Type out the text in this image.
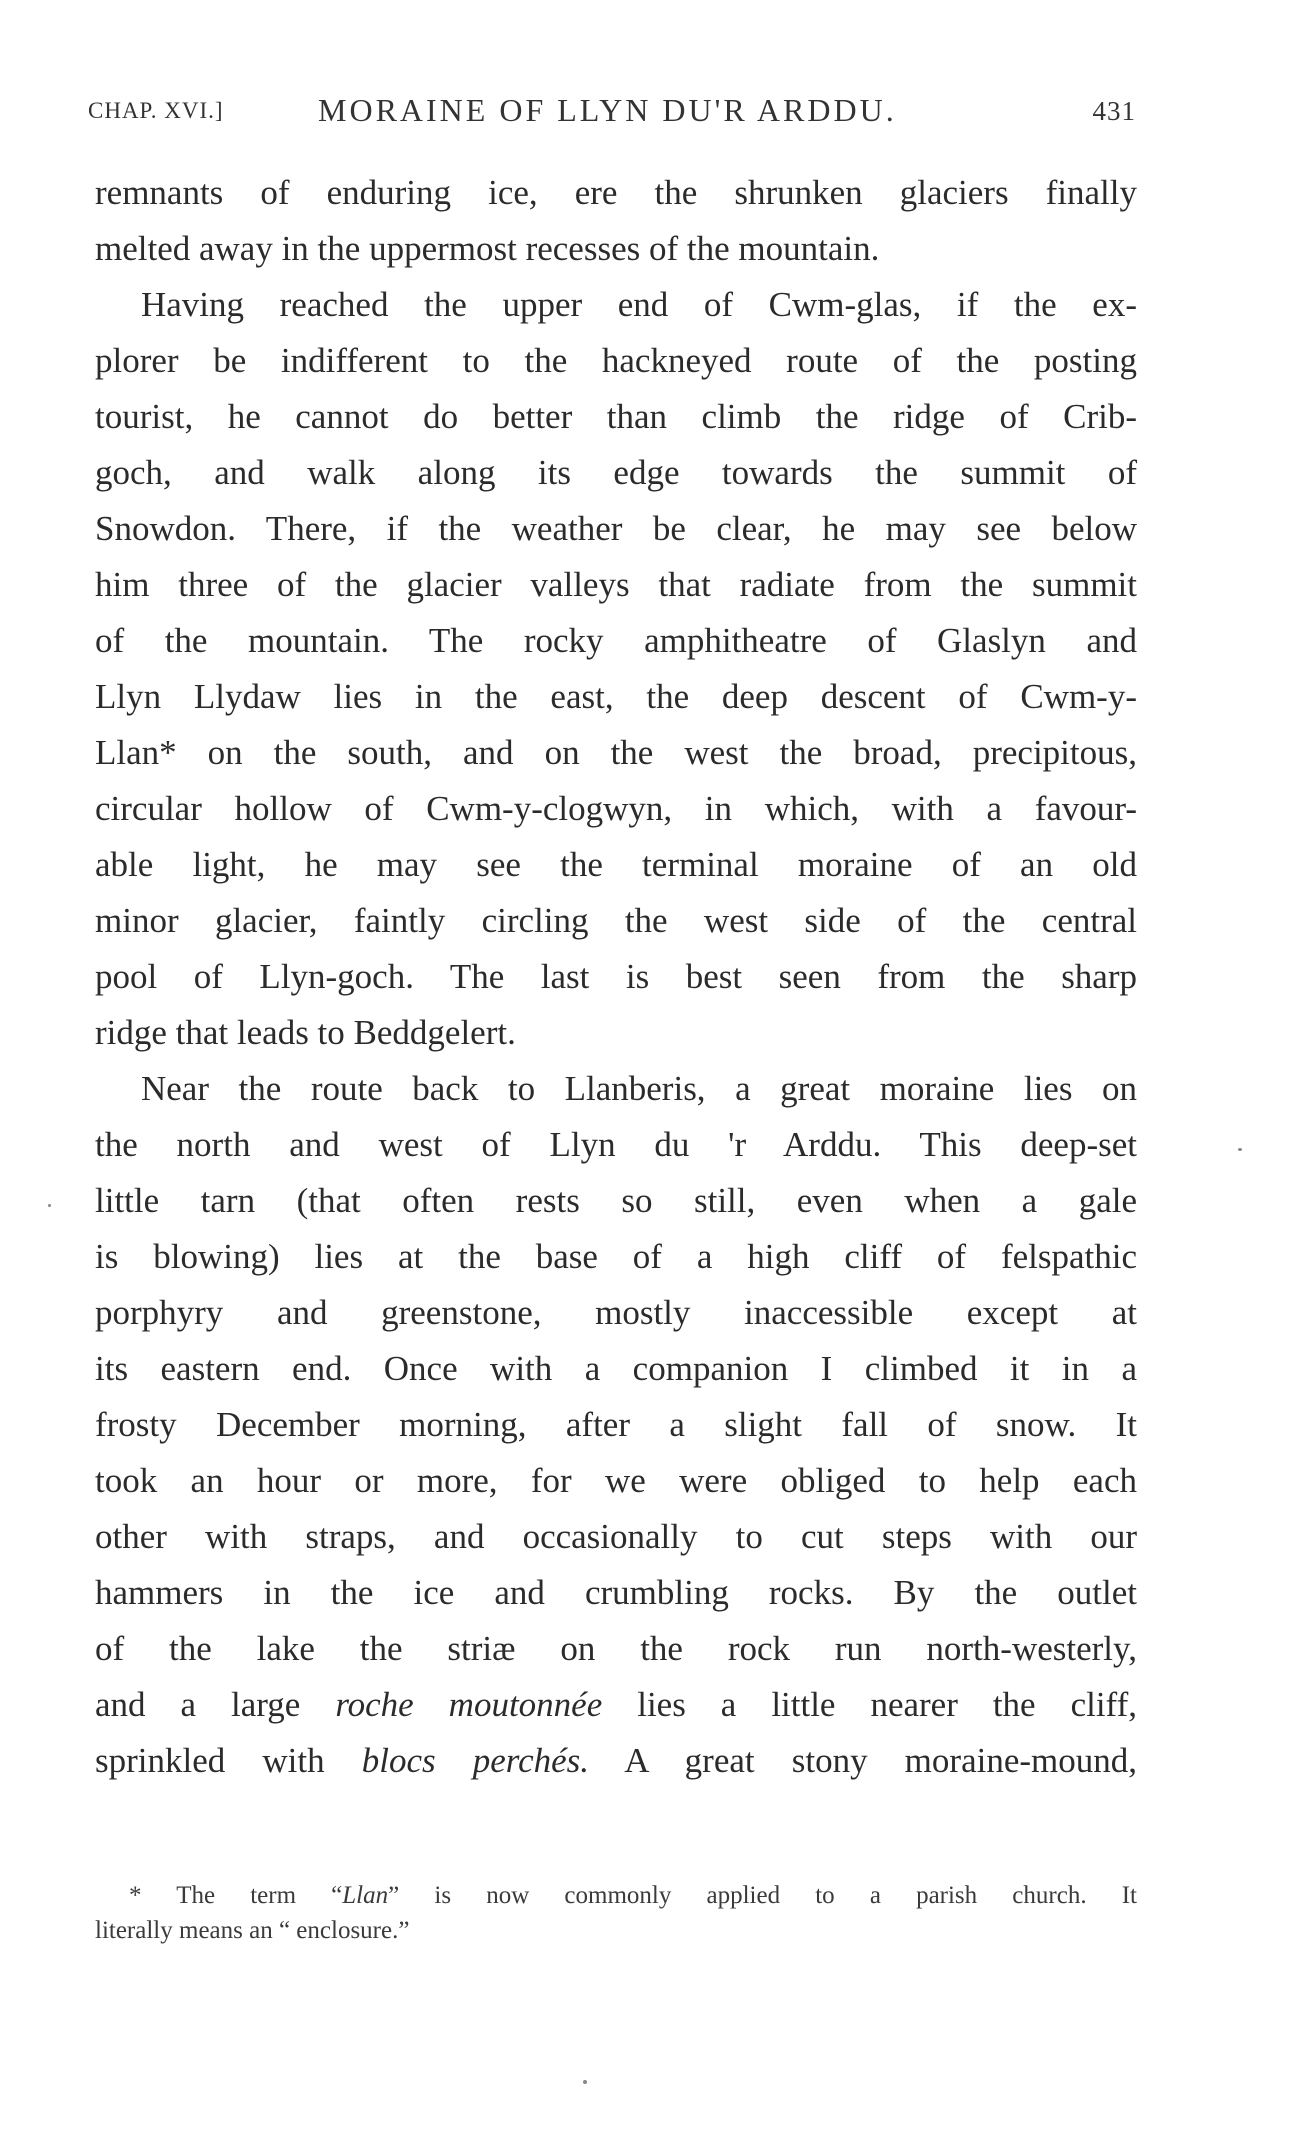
CHAP. XVI.]	MORAINE OF LLYN DU'R ARDDU.	431
remnants of enduring ice, ere the shrunken glaciers finally
melted away in the uppermost recesses of the mountain.
Having reached the upper end of Cwm-glas, if the ex-
plorer be indifferent to the hackneyed route of the posting
tourist, he cannot do better than climb the ridge of Crib-
goch, and walk along its edge towards the summit of
Snowdon. There, if the weather be clear, he may see below
him three of the glacier valleys that radiate from the summit
of the mountain. The rocky amphitheatre of Glaslyn and
Llyn Llydaw lies in the east, the deep descent of Cwm-y-
Llan* on the south, and on the west the broad, precipitous,
circular hollow of Cwm-y-clogwyn, in which, with a favour-
able light, he may see the terminal moraine of an old
minor glacier, faintly circling the west side of the central
pool of Llyn-goch. The last is best seen from the sharp
ridge that leads to Beddgelert.
Near the route back to Llanberis, a great moraine lies on
the north and west of Llyn du 'r Arddu. This deep-set
little tarn (that often rests so still, even when a gale
is blowing) lies at the base of a high cliff of felspathic
porphyry and greenstone, mostly inaccessible except at
its eastern end. Once with a companion I climbed it in a
frosty December morning, after a slight fall of snow. It
took an hour or more, for we were obliged to help each
other with straps, and occasionally to cut steps with our
hammers in the ice and crumbling rocks. By the outlet
of the lake the striæ on the rock run north-westerly,
and a large roche moutonnée lies a little nearer the cliff,
sprinkled with blocs perchés. A great stony moraine-mound,
* The term “Llan” is now commonly applied to a parish church. It
literally means an “ enclosure.”
